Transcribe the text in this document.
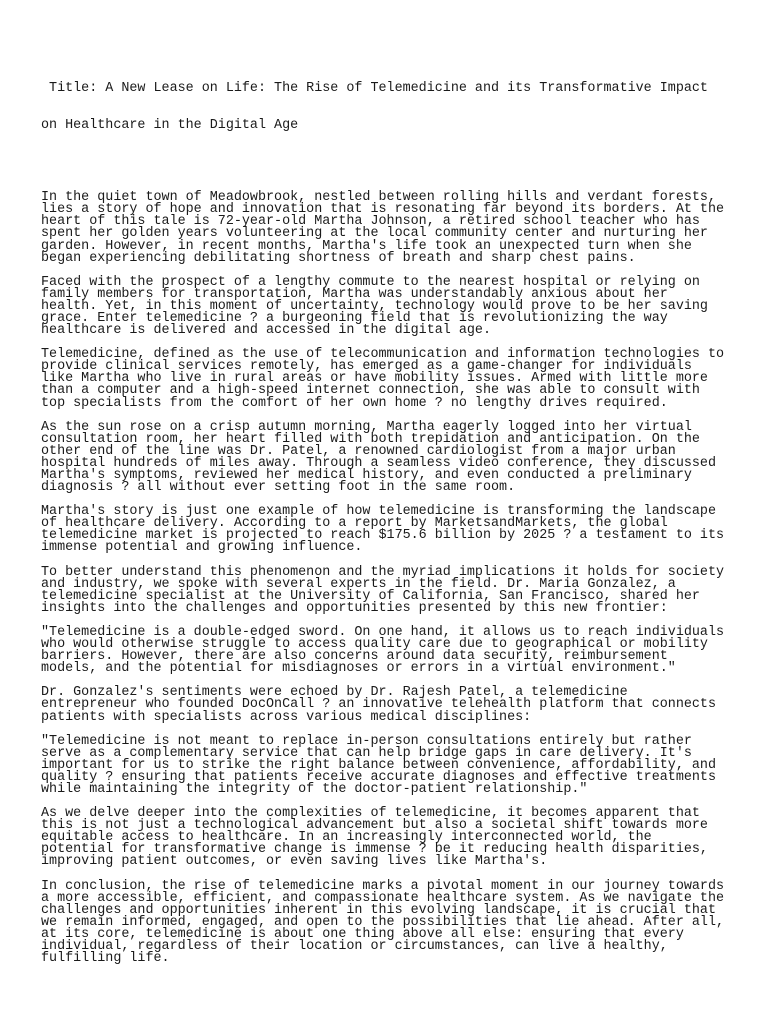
Title: A New Lease on Life: The Rise of Telemedicine and its Transformative Impact

on Healthcare in the Digital Age

In the quiet town of Meadowbrook, nestled between rolling hills and verdant forests,
lies a story of hope and innovation that is resonating far beyond its borders. At the
heart of this tale is 72-year-old Martha Johnson, a retired school teacher who has
spent her golden years volunteering at the local community center and nurturing her
garden. However, in recent months, Martha's life took an unexpected turn when she
began experiencing debilitating shortness of breath and sharp chest pains.
Faced with the prospect of a lengthy commute to the nearest hospital or relying on
family members for transportation, Martha was understandably anxious about her
health. Yet, in this moment of uncertainty, technology would prove to be her saving
grace. Enter telemedicine ? a burgeoning field that is revolutionizing the way
healthcare is delivered and accessed in the digital age.
Telemedicine, defined as the use of telecommunication and information technologies to
provide clinical services remotely, has emerged as a game-changer for individuals
like Martha who live in rural areas or have mobility issues. Armed with little more
than a computer and a high-speed internet connection, she was able to consult with
top specialists from the comfort of her own home ? no lengthy drives required.
As the sun rose on a crisp autumn morning, Martha eagerly logged into her virtual
consultation room, her heart filled with both trepidation and anticipation. On the
other end of the line was Dr. Patel, a renowned cardiologist from a major urban
hospital hundreds of miles away. Through a seamless video conference, they discussed
Martha's symptoms, reviewed her medical history, and even conducted a preliminary
diagnosis ? all without ever setting foot in the same room.
Martha's story is just one example of how telemedicine is transforming the landscape
of healthcare delivery. According to a report by MarketsandMarkets, the global
telemedicine market is projected to reach $175.6 billion by 2025 ? a testament to its
immense potential and growing influence.
To better understand this phenomenon and the myriad implications it holds for society
and industry, we spoke with several experts in the field. Dr. Maria Gonzalez, a
telemedicine specialist at the University of California, San Francisco, shared her
insights into the challenges and opportunities presented by this new frontier:
"Telemedicine is a double-edged sword. On one hand, it allows us to reach individuals
who would otherwise struggle to access quality care due to geographical or mobility
barriers. However, there are also concerns around data security, reimbursement
models, and the potential for misdiagnoses or errors in a virtual environment."
Dr. Gonzalez's sentiments were echoed by Dr. Rajesh Patel, a telemedicine
entrepreneur who founded DocOnCall ? an innovative telehealth platform that connects
patients with specialists across various medical disciplines:
"Telemedicine is not meant to replace in-person consultations entirely but rather
serve as a complementary service that can help bridge gaps in care delivery. It's
important for us to strike the right balance between convenience, affordability, and
quality ? ensuring that patients receive accurate diagnoses and effective treatments
while maintaining the integrity of the doctor-patient relationship."
As we delve deeper into the complexities of telemedicine, it becomes apparent that
this is not just a technological advancement but also a societal shift towards more
equitable access to healthcare. In an increasingly interconnected world, the
potential for transformative change is immense ? be it reducing health disparities,
improving patient outcomes, or even saving lives like Martha's.
In conclusion, the rise of telemedicine marks a pivotal moment in our journey towards
a more accessible, efficient, and compassionate healthcare system. As we navigate the
challenges and opportunities inherent in this evolving landscape, it is crucial that
we remain informed, engaged, and open to the possibilities that lie ahead. After all,
at its core, telemedicine is about one thing above all else: ensuring that every
individual, regardless of their location or circumstances, can live a healthy,
fulfilling life.
